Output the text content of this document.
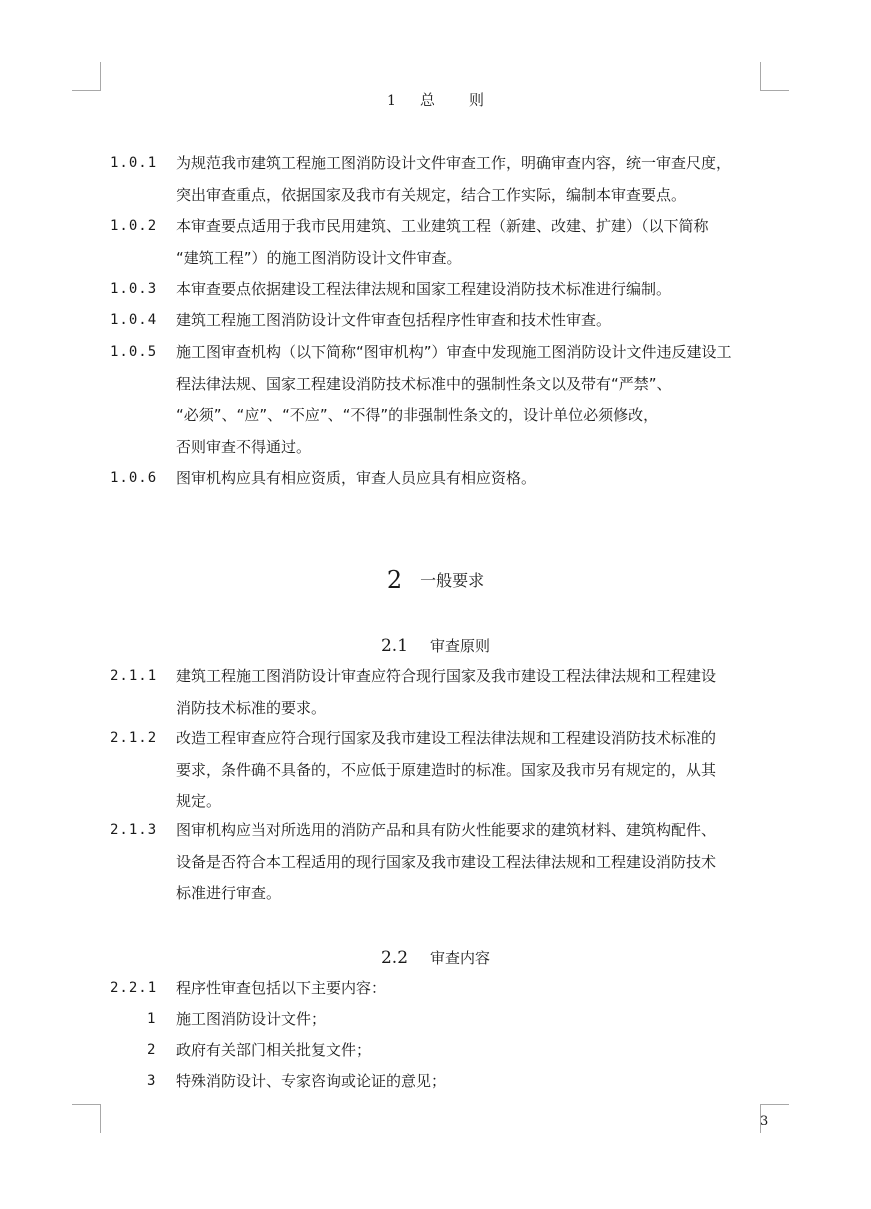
1 总则
1.0.1 为规范我市建筑工程施工图消防设计文件审查工作，明确审查内容，统一审查尺度，
突出审查重点，依据国家及我市有关规定，结合工作实际，编制本审查要点。
1.0.2 本审查要点适用于我市民用建筑、工业建筑工程（新建、改建、扩建）（以下简称
“建筑工程”）的施工图消防设计文件审查。
1.0.3 本审查要点依据建设工程法律法规和国家工程建设消防技术标准进行编制。
1.0.4 建筑工程施工图消防设计文件审查包括程序性审查和技术性审查。
1.0.5 施工图审查机构（以下简称“图审机构”）审查中发现施工图消防设计文件违反建设工
程法律法规、国家工程建设消防技术标准中的强制性条文以及带有“严禁”、
“必须”、“应”、“不应”、“不得”的非强制性条文的，设计单位必须修改，
否则审查不得通过。
1.0.6 图审机构应具有相应资质，审查人员应具有相应资格。
2 一般要求
2.1 审查原则
2.1.1 建筑工程施工图消防设计审查应符合现行国家及我市建设工程法律法规和工程建设
消防技术标准的要求。
2.1.2 改造工程审查应符合现行国家及我市建设工程法律法规和工程建设消防技术标准的
要求，条件确不具备的，不应低于原建造时的标准。国家及我市另有规定的，从其
规定。
2.1.3 图审机构应当对所选用的消防产品和具有防火性能要求的建筑材料、建筑构配件、
设备是否符合本工程适用的现行国家及我市建设工程法律法规和工程建设消防技术
标准进行审查。
2.2 审查内容
2.2.1 程序性审查包括以下主要内容：
1 施工图消防设计文件；
2 政府有关部门相关批复文件；
3 特殊消防设计、专家咨询或论证的意见；
3
